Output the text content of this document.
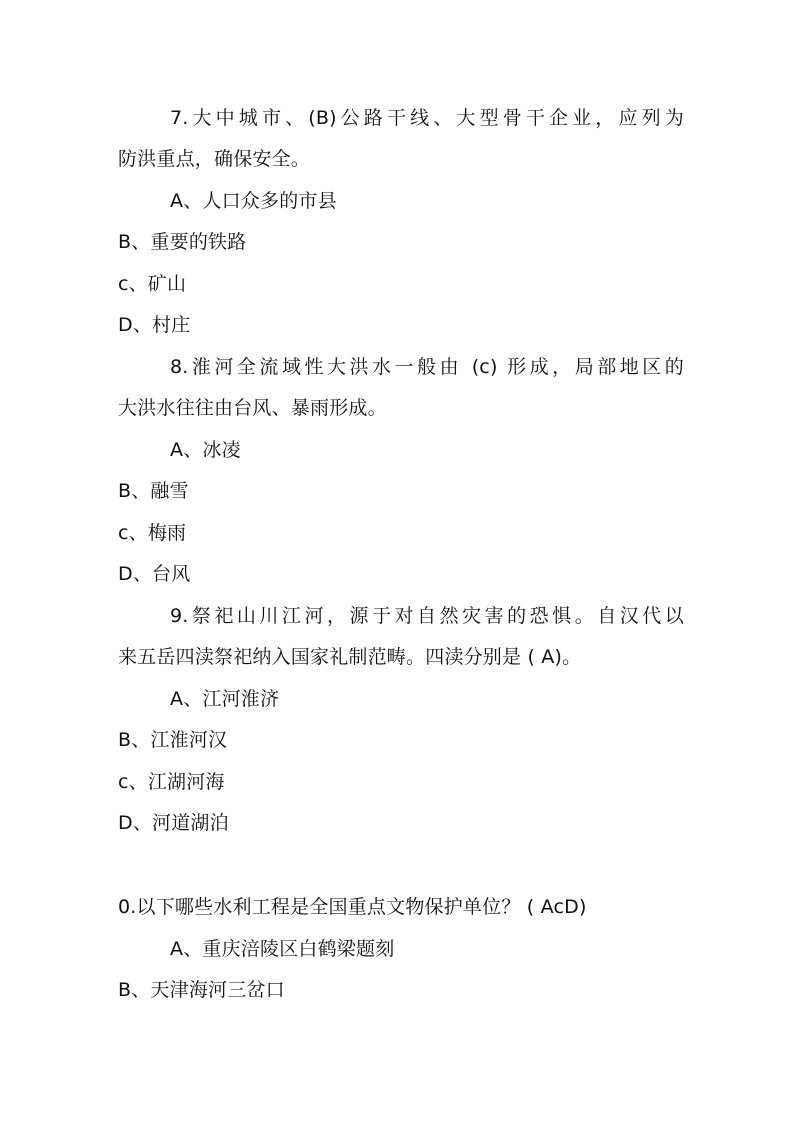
7.大中城市、(B)公路干线、大型骨干企业，应列为
防洪重点，确保安全。
A、人口众多的市县
B、重要的铁路
c、矿山
D、村庄
8.淮河全流域性大洪水一般由 (c) 形成，局部地区的
大洪水往往由台风、暴雨形成。
A、冰凌
B、融雪
c、梅雨
D、台风
9.祭祀山川江河，源于对自然灾害的恐惧。自汉代以
来五岳四渎祭祀纳入国家礼制范畴。四渎分别是 ( A)。
A、江河淮济
B、江淮河汉
c、江湖河海
D、河道湖泊
0.以下哪些水利工程是全国重点文物保护单位？ ( AcD)
A、重庆涪陵区白鹤梁题刻
B、天津海河三岔口
